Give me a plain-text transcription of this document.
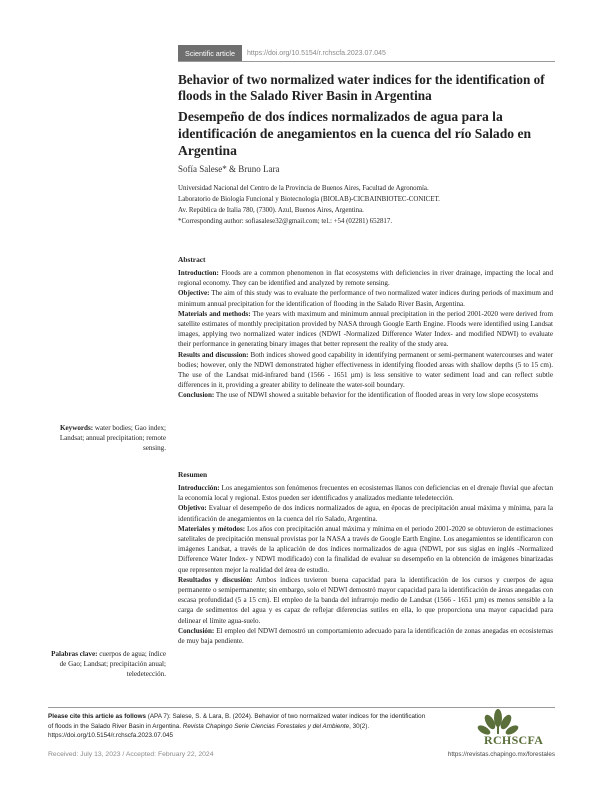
Scientific article	https://doi.org/10.5154/r.rchscfa.2023.07.045
Behavior of two normalized water indices for the identification of floods in the Salado River Basin in Argentina
Desempeño de dos índices normalizados de agua para la identificación de anegamientos en la cuenca del río Salado en Argentina
Sofía Salese* & Bruno Lara
Universidad Nacional del Centro de la Provincia de Buenos Aires, Facultad de Agronomía.
Laboratorio de Biología Funcional y Biotecnología (BIOLAB)-CICBAINBIOTEC-CONICET.
Av. República de Italia 780, (7300). Azul, Buenos Aires, Argentina.
*Corresponding author: sofiasalese32@gmail.com; tel.: +54 (02281) 652817.
Abstract

Introduction: Floods are a common phenomenon in flat ecosystems with deficiencies in river drainage, impacting the local and regional economy. They can be identified and analyzed by remote sensing.

Objective: The aim of this study was to evaluate the performance of two normalized water indices during periods of maximum and minimum annual precipitation for the identification of flooding in the Salado River Basin, Argentina.

Materials and methods: The years with maximum and minimum annual precipitation in the period 2001-2020 were derived from satellite estimates of monthly precipitation provided by NASA through Google Earth Engine. Floods were identified using Landsat images, applying two normalized water indices (NDWI -Normalized Difference Water Index- and modified NDWI) to evaluate their performance in generating binary images that better represent the reality of the study area.

Results and discussion: Both indices showed good capability in identifying permanent or semi-permanent watercourses and water bodies; however, only the NDWI demonstrated higher effectiveness in identifying flooded areas with shallow depths (5 to 15 cm). The use of the Landsat mid-infrared band (1566 - 1651 µm) is less sensitive to water sediment load and can reflect subtle differences in it, providing a greater ability to delineate the water-soil boundary.

Conclusion: The use of NDWI showed a suitable behavior for the identification of flooded areas in very low slope ecosystems

Keywords: water bodies; Gao index; Landsat; annual precipitation; remote sensing.
Resumen

Introducción: Los anegamientos son fenómenos frecuentes en ecosistemas llanos con deficiencias en el drenaje fluvial que afectan la economía local y regional. Estos pueden ser identificados y analizados mediante teledetección.

Objetivo: Evaluar el desempeño de dos índices normalizados de agua, en épocas de precipitación anual máxima y mínima, para la identificación de anegamientos en la cuenca del río Salado, Argentina.

Materiales y métodos: Los años con precipitación anual máxima y mínima en el periodo 2001-2020 se obtuvieron de estimaciones satelitales de precipitación mensual provistas por la NASA a través de Google Earth Engine. Los anegamientos se identificaron con imágenes Landsat, a través de la aplicación de dos índices normalizados de agua (NDWI, por sus siglas en inglés -Normalized Difference Water Index- y NDWI modificado) con la finalidad de evaluar su desempeño en la obtención de imágenes binarizadas que representen mejor la realidad del área de estudio.

Resultados y discusión: Ambos índices tuvieron buena capacidad para la identificación de los cursos y cuerpos de agua permanente o semipermanente; sin embargo, solo el NDWI demostró mayor capacidad para la identificación de áreas anegadas con escasa profundidad (5 a 15 cm). El empleo de la banda del infrarrojo medio de Landsat (1566 - 1651 µm) es menos sensible a la carga de sedimentos del agua y es capaz de reflejar diferencias sutiles en ella, lo que proporciona una mayor capacidad para delinear el límite agua-suelo.

Conclusión: El empleo del NDWI demostró un comportamiento adecuado para la identificación de zonas anegadas en ecosistemas de muy baja pendiente.

Palabras clave: cuerpos de agua; índice de Gao; Landsat; precipitación anual; teledetección.
Please cite this article as follows (APA 7): Salese, S. & Lara, B. (2024). Behavior of two normalized water indices for the identification of floods in the Salado River Basin in Argentina. Revista Chapingo Serie Ciencias Forestales y del Ambiente, 30(2).
https://doi.org/10.5154/r.rchscfa.2023.07.045	RCHSCFA
Received: July 13, 2023 / Accepted: February 22, 2024	https://revistas.chapingo.mx/forestales
